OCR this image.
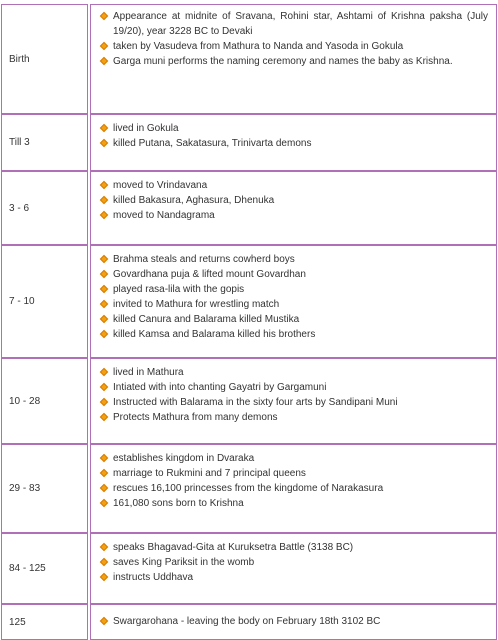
Birth
Appearance at midnite of Sravana, Rohini star, Ashtami of Krishna paksha (July 19/20), year 3228 BC to Devaki
taken by Vasudeva from Mathura to Nanda and Yasoda in Gokula
Garga muni performs the naming ceremony and names the baby as Krishna.
Till 3
lived in Gokula
killed Putana, Sakatasura, Trinivarta demons
3 - 6
moved to Vrindavana
killed Bakasura, Aghasura, Dhenuka
moved to Nandagrama
7 - 10
Brahma steals and returns cowherd boys
Govardhana puja & lifted mount Govardhan
played rasa-lila with the gopis
invited to Mathura for wrestling match
killed Canura and Balarama killed Mustika
killed Kamsa and Balarama killed his brothers
10 - 28
lived in Mathura
Intiated with into chanting Gayatri by Gargamuni
Instructed with Balarama in the sixty four arts by Sandipani Muni
Protects Mathura from many demons
29 - 83
establishes kingdom in Dvaraka
marriage to Rukmini and 7 principal queens
rescues 16,100 princesses from the kingdome of Narakasura
161,080 sons born to Krishna
84 - 125
speaks Bhagavad-Gita at Kuruksetra Battle (3138 BC)
saves King Pariksit in the womb
instructs Uddhava
125	Swargarohana - leaving the body on February 18th 3102 BC
